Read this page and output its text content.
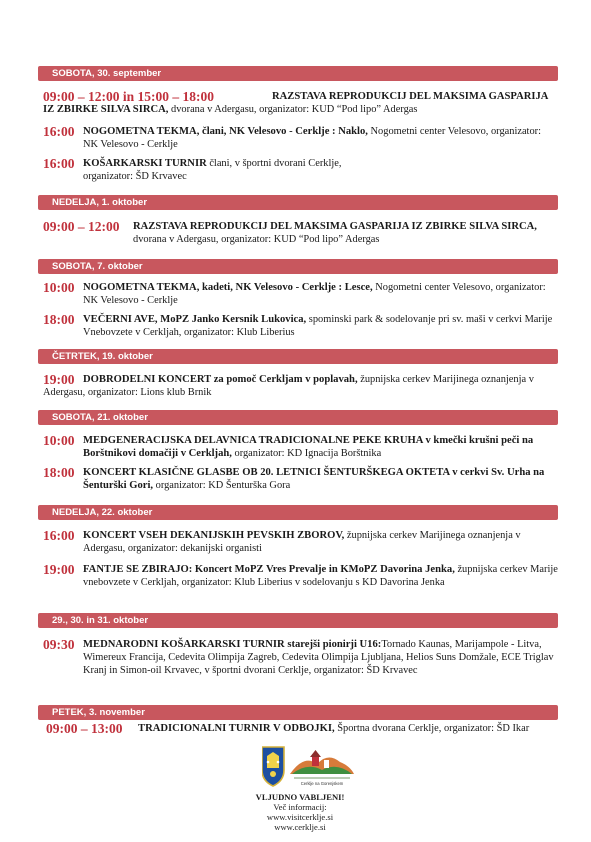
SOBOTA, 30. september
09:00 – 12:00 in 15:00 – 18:00	RAZSTAVA REPRODUKCIJ DEL MAKSIMA GASPARIJA IZ ZBIRKE SILVA SIRCA, dvorana v Adergasu, organizator: KUD “Pod lipo” Adergas
16:00 NOGOMETNA TEKMA, člani, NK Velesovo - Cerklje : Naklo, Nogometni center Velesovo, organizator: NK Velesovo - Cerklje
16:00 KOŠARKARSKI TURNIR člani, v športni dvorani Cerklje, organizator: ŠD Krvavec
NEDELJA, 1. oktober
09:00 – 12:00 RAZSTAVA REPRODUKCIJ DEL MAKSIMA GASPARIJA IZ ZBIRKE SILVA SIRCA, dvorana v Adergasu, organizator: KUD “Pod lipo” Adergas
SOBOTA, 7. oktober
10:00 NOGOMETNA TEKMA, kadeti, NK Velesovo - Cerklje : Lesce, Nogometni center Velesovo, organizator: NK Velesovo - Cerklje
18:00 VEČERNI AVE, MoPZ Janko Kersnik Lukovica, spominski park & sodelovanje pri sv. maši v cerkvi Marije Vnebovzete v Cerkljah, organizator: Klub Liberius
ČETRTEK, 19. oktober
19:00 DOBRODELNI KONCERT za pomoč Cerkljam v poplavah, župnijska cerkev Marijinega oznanjenja v Adergasu, organizator: Lions klub Brnik
SOBOTA, 21. oktober
10:00 MEDGENERACIJSKA DELAVNICA TRADICIONALNE PEKE KRUHA v kmečki krušni peči na Borštnikovi domačiji v Cerkljah, organizator: KD Ignacija Borštnika
18:00 KONCERT KLASIČNE GLASBE OB 20. LETNICI ŠENTURŠKEGA OKTETA v cerkvi Sv. Urha na Šenturški Gori, organizator: KD Šenturška Gora
NEDELJA, 22. oktober
16:00 KONCERT VSEH DEKANIJSKIH PEVSKIH ZBOROV, župnijska cerkev Marijinega oznanjenja v Adergasu, organizator: dekanijski organisti
19:00 FANTJE SE ZBIRAJO: Koncert MoPZ Vres Prevalje in KMoPZ Davorina Jenka, župnijska cerkev Marije vnebovzete v Cerkljah, organizator: Klub Liberius v sodelovanju s KD Davorina Jenka
29., 30. in 31. oktober
09:30 MEDNARODNI KOŠARKARSKI TURNIR starejši pionirji U16:Tornado Kaunas, Marijampole - Litva, Wimereux Francija, Cedevita Olimpija Zagreb, Cedevita Olimpija Ljubljana, Helios Suns Domžale, ECE Triglav Kranj in Simon-oil Krvavec, v športni dvorani Cerklje, organizator: ŠD Krvavec
PETEK, 3. november
09:00 – 13:00 TRADICIONALNI TURNIR V ODBOJKI, Športna dvorana Cerklje, organizator: ŠD Ikar
Cerklje na Gorenjskem
VLJUDNO VABLJENI!
Več informacij:
www.visitcerklje.si
www.cerklje.si
